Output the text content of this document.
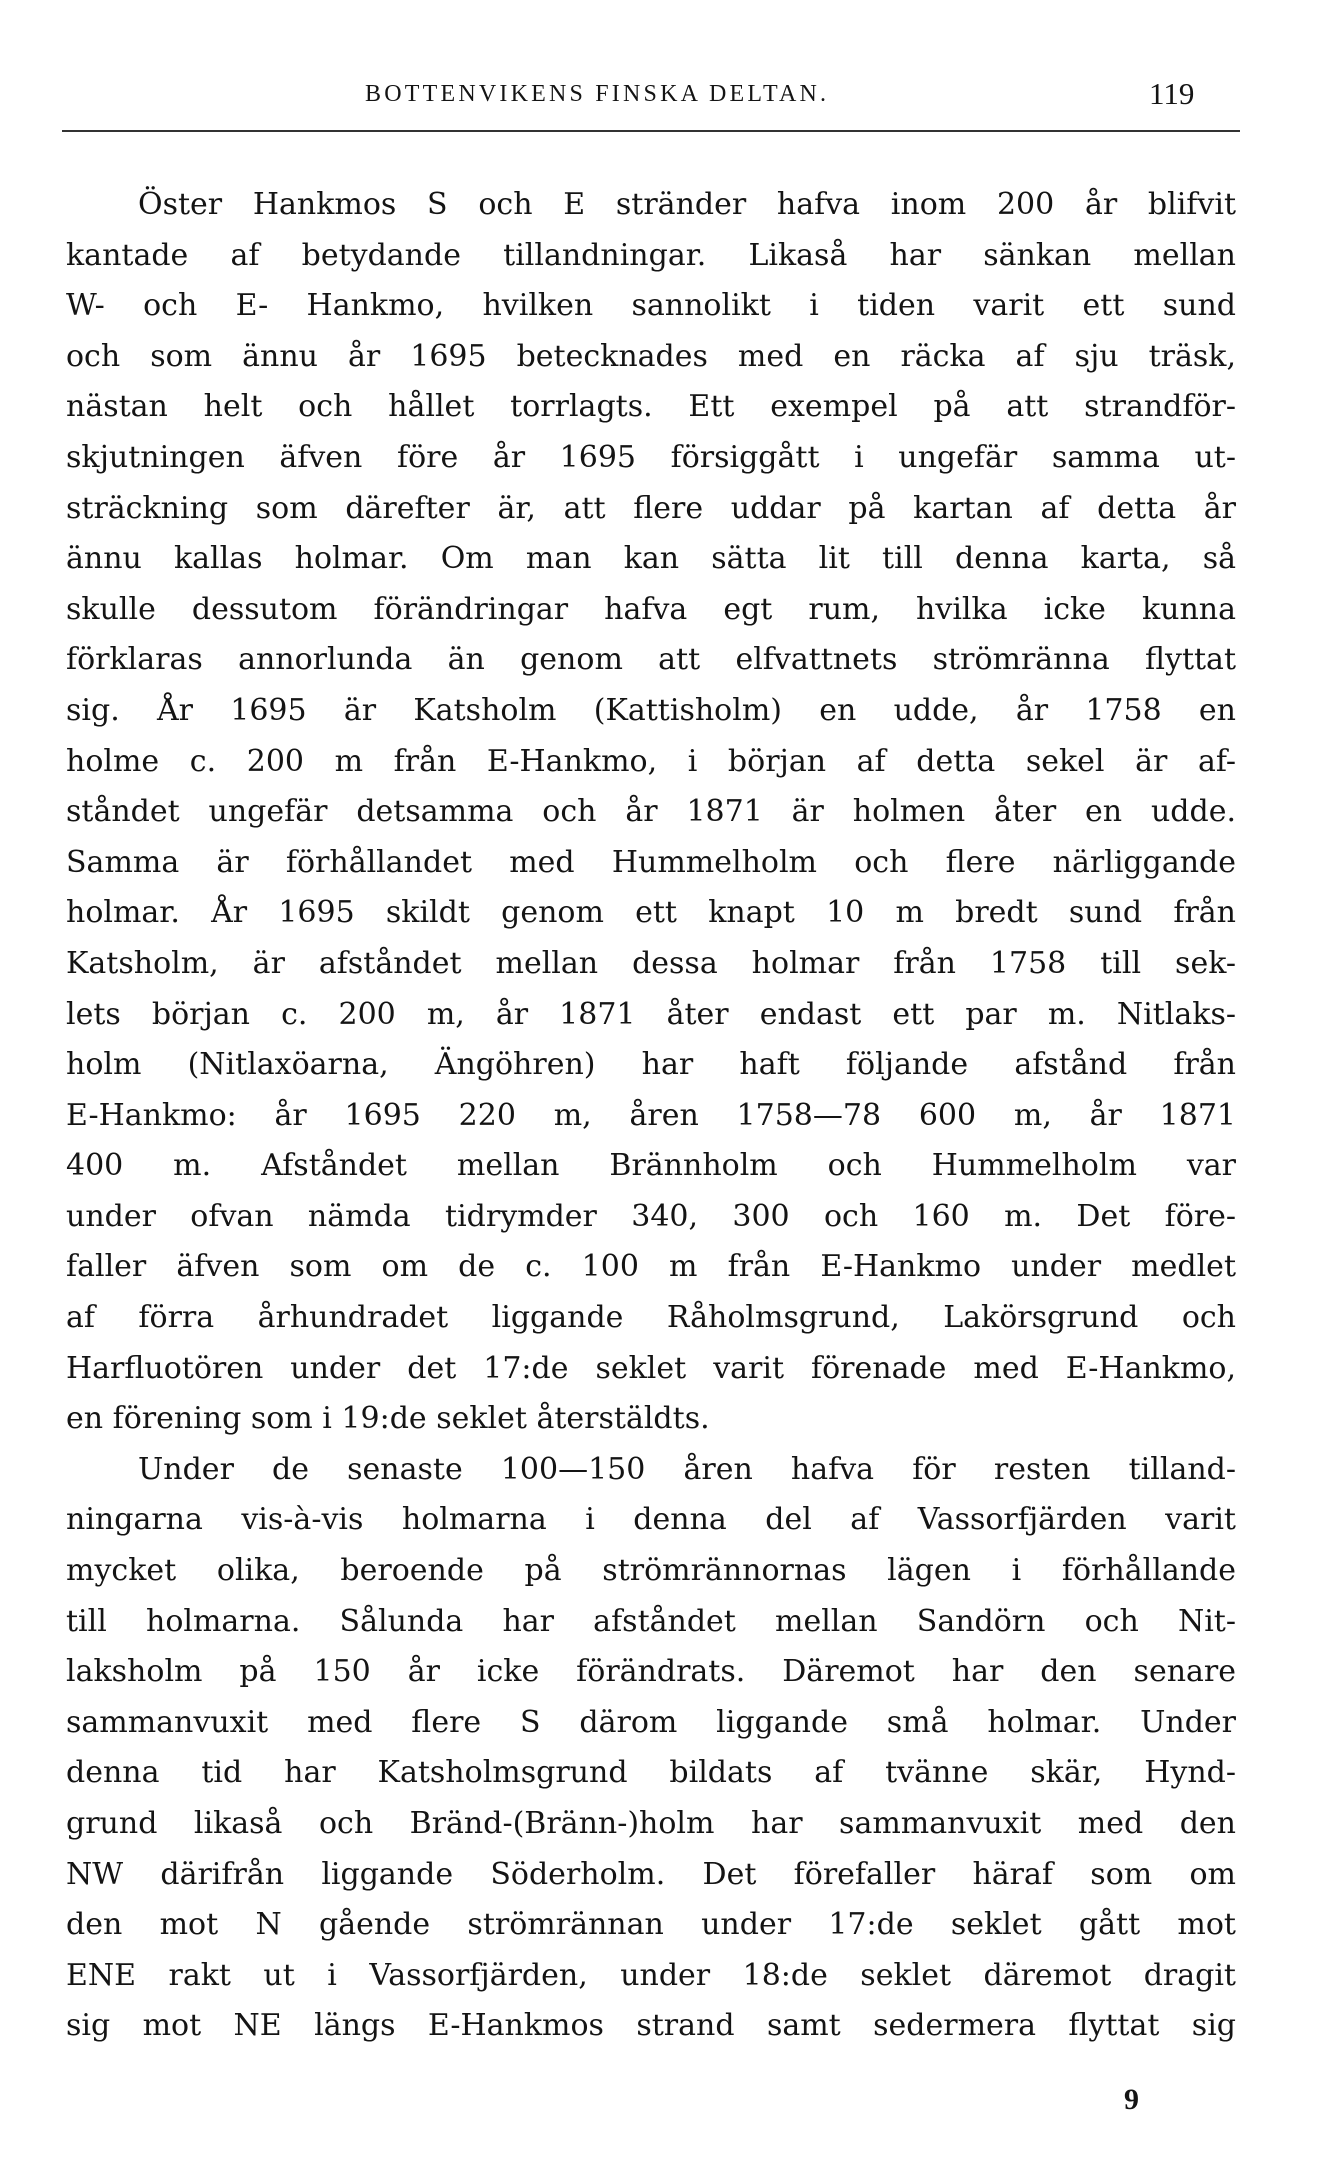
BOTTENVIKENS FINSKA DELTAN.	119
Öster Hankmos S och E stränder hafva inom 200 år blifvit
kantade af betydande tillandningar. Likaså har sänkan mellan
W- och E- Hankmo, hvilken sannolikt i tiden varit ett sund
och som ännu år 1695 betecknades med en räcka af sju träsk,
nästan helt och hållet torrlagts. Ett exempel på att strandför-
skjutningen äfven före år 1695 försiggått i ungefär samma ut-
sträckning som därefter är, att flere uddar på kartan af detta år
ännu kallas holmar. Om man kan sätta lit till denna karta, så
skulle dessutom förändringar hafva egt rum, hvilka icke kunna
förklaras annorlunda än genom att elfvattnets strömränna flyttat
sig. År 1695 är Katsholm (Kattisholm) en udde, år 1758 en
holme c. 200 m från E-Hankmo, i början af detta sekel är af-
ståndet ungefär detsamma och år 1871 är holmen åter en udde.
Samma är förhållandet med Hummelholm och flere närliggande
holmar. År 1695 skildt genom ett knapt 10 m bredt sund från
Katsholm, är afståndet mellan dessa holmar från 1758 till sek-
lets början c. 200 m, år 1871 åter endast ett par m. Nitlaks-
holm (Nitlaxöarna, Ängöhren) har haft följande afstånd från
E-Hankmo: år 1695 220 m, åren 1758—78 600 m, år 1871
400 m. Afståndet mellan Brännholm och Hummelholm var
under ofvan nämda tidrymder 340, 300 och 160 m. Det före-
faller äfven som om de c. 100 m från E-Hankmo under medlet
af förra århundradet liggande Råholmsgrund, Lakörsgrund och
Harfluotören under det 17:de seklet varit förenade med E-Hankmo,
en förening som i 19:de seklet återstäldts.
Under de senaste 100—150 åren hafva för resten tilland-
ningarna vis-à-vis holmarna i denna del af Vassorfjärden varit
mycket olika, beroende på strömrännornas lägen i förhållande
till holmarna. Sålunda har afståndet mellan Sandörn och Nit-
laksholm på 150 år icke förändrats. Däremot har den senare
sammanvuxit med flere S därom liggande små holmar. Under
denna tid har Katsholmsgrund bildats af tvänne skär, Hynd-
grund likaså och Bränd-(Bränn-)holm har sammanvuxit med den
NW därifrån liggande Söderholm. Det förefaller häraf som om
den mot N gående strömrännan under 17:de seklet gått mot
ENE rakt ut i Vassorfjärden, under 18:de seklet däremot dragit
sig mot NE längs E-Hankmos strand samt sedermera flyttat sig
9
